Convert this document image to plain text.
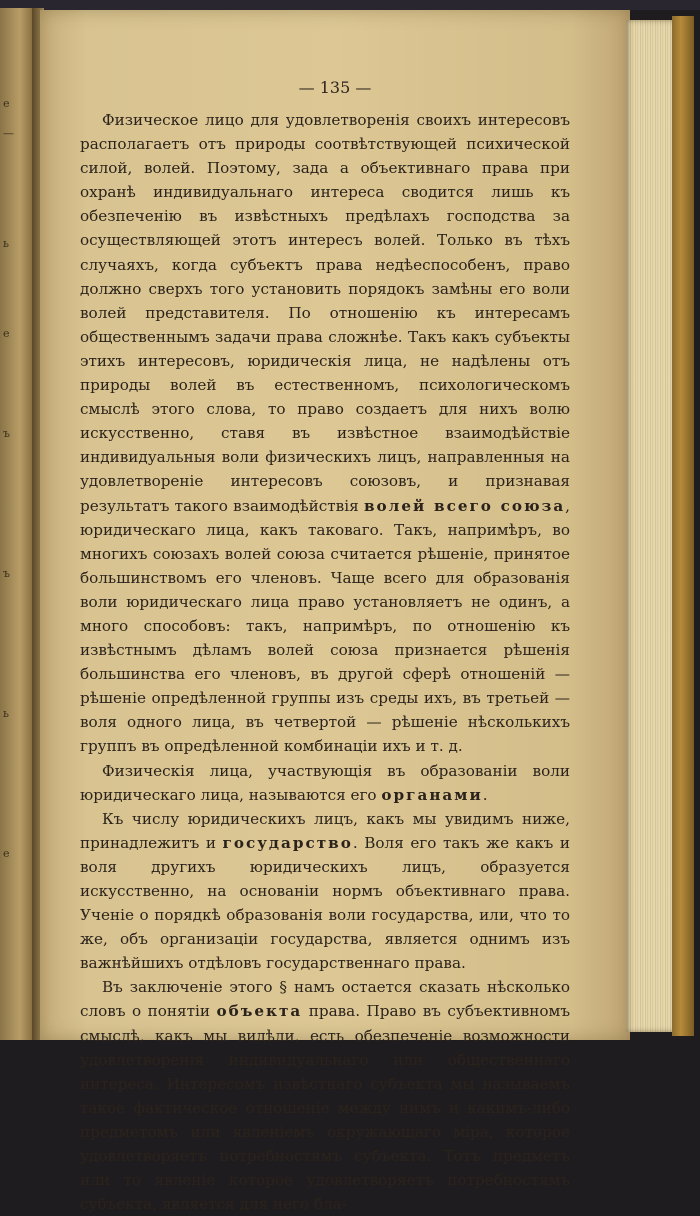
е
—
ь
е
ъ
ъ
ь
е
— 135 —

Физическое лицо для удовлетворенія своихъ интересовъ располагаетъ отъ природы соотвѣтствующей психической силой, волей. Поэтому, зада а объективнаго права при охранѣ индивидуальнаго интереса сводится лишь къ обезпеченію въ извѣстныхъ предѣлахъ господства за осуществляющей этотъ интересъ волей. Только въ тѣхъ случаяхъ, когда субъектъ права недѣеспособенъ, право должно сверхъ того установить порядокъ замѣны его воли волей представителя. По отношенію къ интересамъ общественнымъ задачи права сложнѣе. Такъ какъ субъекты этихъ интересовъ, юридическія лица, не надѣлены отъ природы волей въ естественномъ, психологическомъ смыслѣ этого слова, то право создаетъ для нихъ волю искусственно, ставя въ извѣстное взаимодѣйствіе индивидуальныя воли физическихъ лицъ, направленныя на удовлетвореніе интересовъ союзовъ, и признавая результатъ такого взаимодѣйствія волей всего союза, юридическаго лица, какъ таковаго. Такъ, напримѣръ, во многихъ союзахъ волей союза считается рѣшеніе, принятое большинствомъ его членовъ. Чаще всего для образованія воли юридическаго лица право установляетъ не одинъ, а много способовъ: такъ, напримѣръ, по отношенію къ извѣстнымъ дѣламъ волей союза признается рѣшенія большинства его членовъ, въ другой сферѣ отношеній — рѣшеніе опредѣленной группы изъ среды ихъ, въ третьей — воля одного лица, въ четвертой — рѣшеніе нѣсколькихъ группъ въ опредѣленной комбинаціи ихъ и т. д.

Физическія лица, участвующія въ образованіи воли юридическаго лица, называются его органами.

Къ числу юридическихъ лицъ, какъ мы увидимъ ниже, принадлежитъ и государство. Воля его такъ же какъ и воля другихъ юридическихъ лицъ, образуется искусственно, на основаніи нормъ объективнаго права. Ученіе о порядкѣ образованія воли государства, или, что то же, объ организаціи государства, является однимъ изъ важнѣйшихъ отдѣловъ государственнаго права.

Въ заключеніе этого § намъ остается сказать нѣсколько словъ о понятіи объекта права. Право въ субъективномъ смыслѣ, какъ мы видѣли, есть обезпеченіе возможности удовлетворенія индивидуальнаго или общественнаго интереса. Интересомъ извѣстнаго субъекта мы называемъ такое фактическое отношеніе между нимъ и какимъ-либо предметомъ или явленіемъ окружающаго міра, которое удовлетворяетъ потребностямъ субъекта. Тотъ предметъ или то явленіе которое удовлетворяетъ потребностямъ субъекта, является для него бла-
